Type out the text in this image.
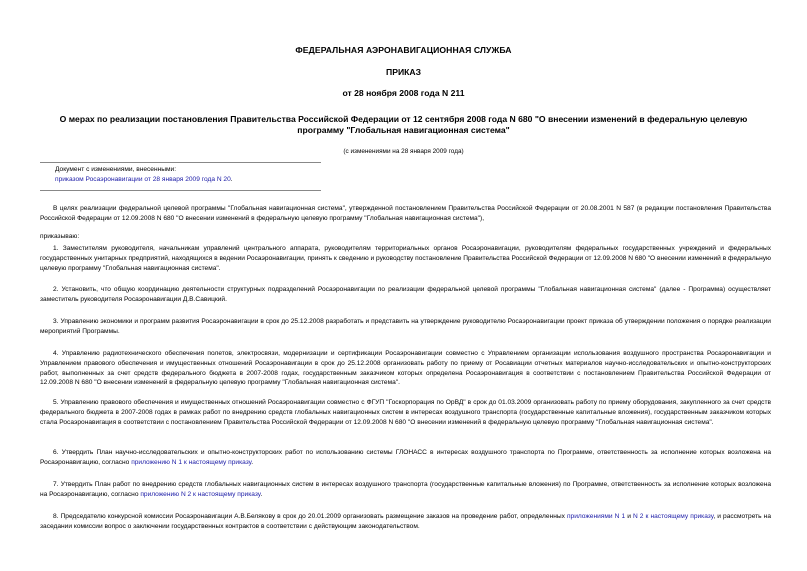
ФЕДЕРАЛЬНАЯ АЭРОНАВИГАЦИОННАЯ СЛУЖБА
ПРИКАЗ
от 28 ноября 2008 года N 211
О мерах по реализации постановления Правительства Российской Федерации от 12 сентября 2008 года N 680 "О внесении изменений в федеральную целевую программу "Глобальная навигационная система"
(с изменениями на 28 января 2009 года)
Документ с изменениями, внесенными:
приказом Росаэронавигации от 28 января 2009 года N 20.
В целях реализации федеральной целевой программы "Глобальная навигационная система", утвержденной постановлением Правительства Российской Федерации от 20.08.2001 N 587 (в редакции постановления Правительства Российской Федерации от 12.09.2008 N 680 "О внесении изменений в федеральную целевую программу "Глобальная навигационная система"),
приказываю:
1. Заместителям руководителя, начальникам управлений центрального аппарата, руководителям территориальных органов Росаэронавигации, руководителям федеральных государственных учреждений и федеральных государственных унитарных предприятий, находящихся в ведении Росаэронавигации, принять к сведению и руководству постановление Правительства Российской Федерации от 12.09.2008 N 680 "О внесении изменений в федеральную целевую программу "Глобальная навигационная система".
2. Установить, что общую координацию деятельности структурных подразделений Росаэронавигации по реализации федеральной целевой программы "Глобальная навигационная система" (далее - Программа) осуществляет заместитель руководителя Росаэронавигации Д.В.Савицкий.
3. Управлению экономики и программ развития Росаэронавигации в срок до 25.12.2008 разработать и представить на утверждение руководителю Росаэронавигации проект приказа об утверждении положения о порядке реализации мероприятий Программы.
4. Управлению радиотехнического обеспечения полетов, электросвязи, модернизации и сертификации Росаэронавигации совместно с Управлением организации использования воздушного пространства Росаэронавигации и Управлением правового обеспечения и имущественных отношений Росаэронавигации в срок до 25.12.2008 организовать работу по приему от Росавиации отчетных материалов научно-исследовательских и опытно-конструкторских работ, выполненных за счет средств федерального бюджета в 2007-2008 годах, государственным заказчиком которых определена Росаэронавигация в соответствии с постановлением Правительства Российской Федерации от 12.09.2008 N 680 "О внесении изменений в федеральную целевую программу "Глобальная навигационная система".
5. Управлению правового обеспечения и имущественных отношений Росаэронавигации совместно с ФГУП "Госкорпорация по ОрВД" в срок до 01.03.2009 организовать работу по приему оборудования, закупленного за счет средств федерального бюджета в 2007-2008 годах в рамках работ по внедрению средств глобальных навигационных систем в интересах воздушного транспорта (государственные капитальные вложения), государственным заказчиком которых стала Росаэронавигация в соответствии с постановлением Правительства Российской Федерации от 12.09.2008 N 680 "О внесении изменений в федеральную целевую программу "Глобальная навигационная система".
6. Утвердить План научно-исследовательских и опытно-конструкторских работ по использованию системы ГЛОНАСС в интересах воздушного транспорта по Программе, ответственность за исполнение которых возложена на Росаэронавигацию, согласно приложению N 1 к настоящему приказу.
7. Утвердить План работ по внедрению средств глобальных навигационных систем в интересах воздушного транспорта (государственные капитальные вложения) по Программе, ответственность за исполнение которых возложена на Росаэронавигацию, согласно приложению N 2 к настоящему приказу.
8. Председателю конкурсной комиссии Росаэронавигации А.В.Белякову в срок до 20.01.2009 организовать размещение заказов на проведение работ, определенных приложениями N 1 и N 2 к настоящему приказу, и рассмотреть на заседании комиссии вопрос о заключении государственных контрактов в соответствии с действующим законодательством.
